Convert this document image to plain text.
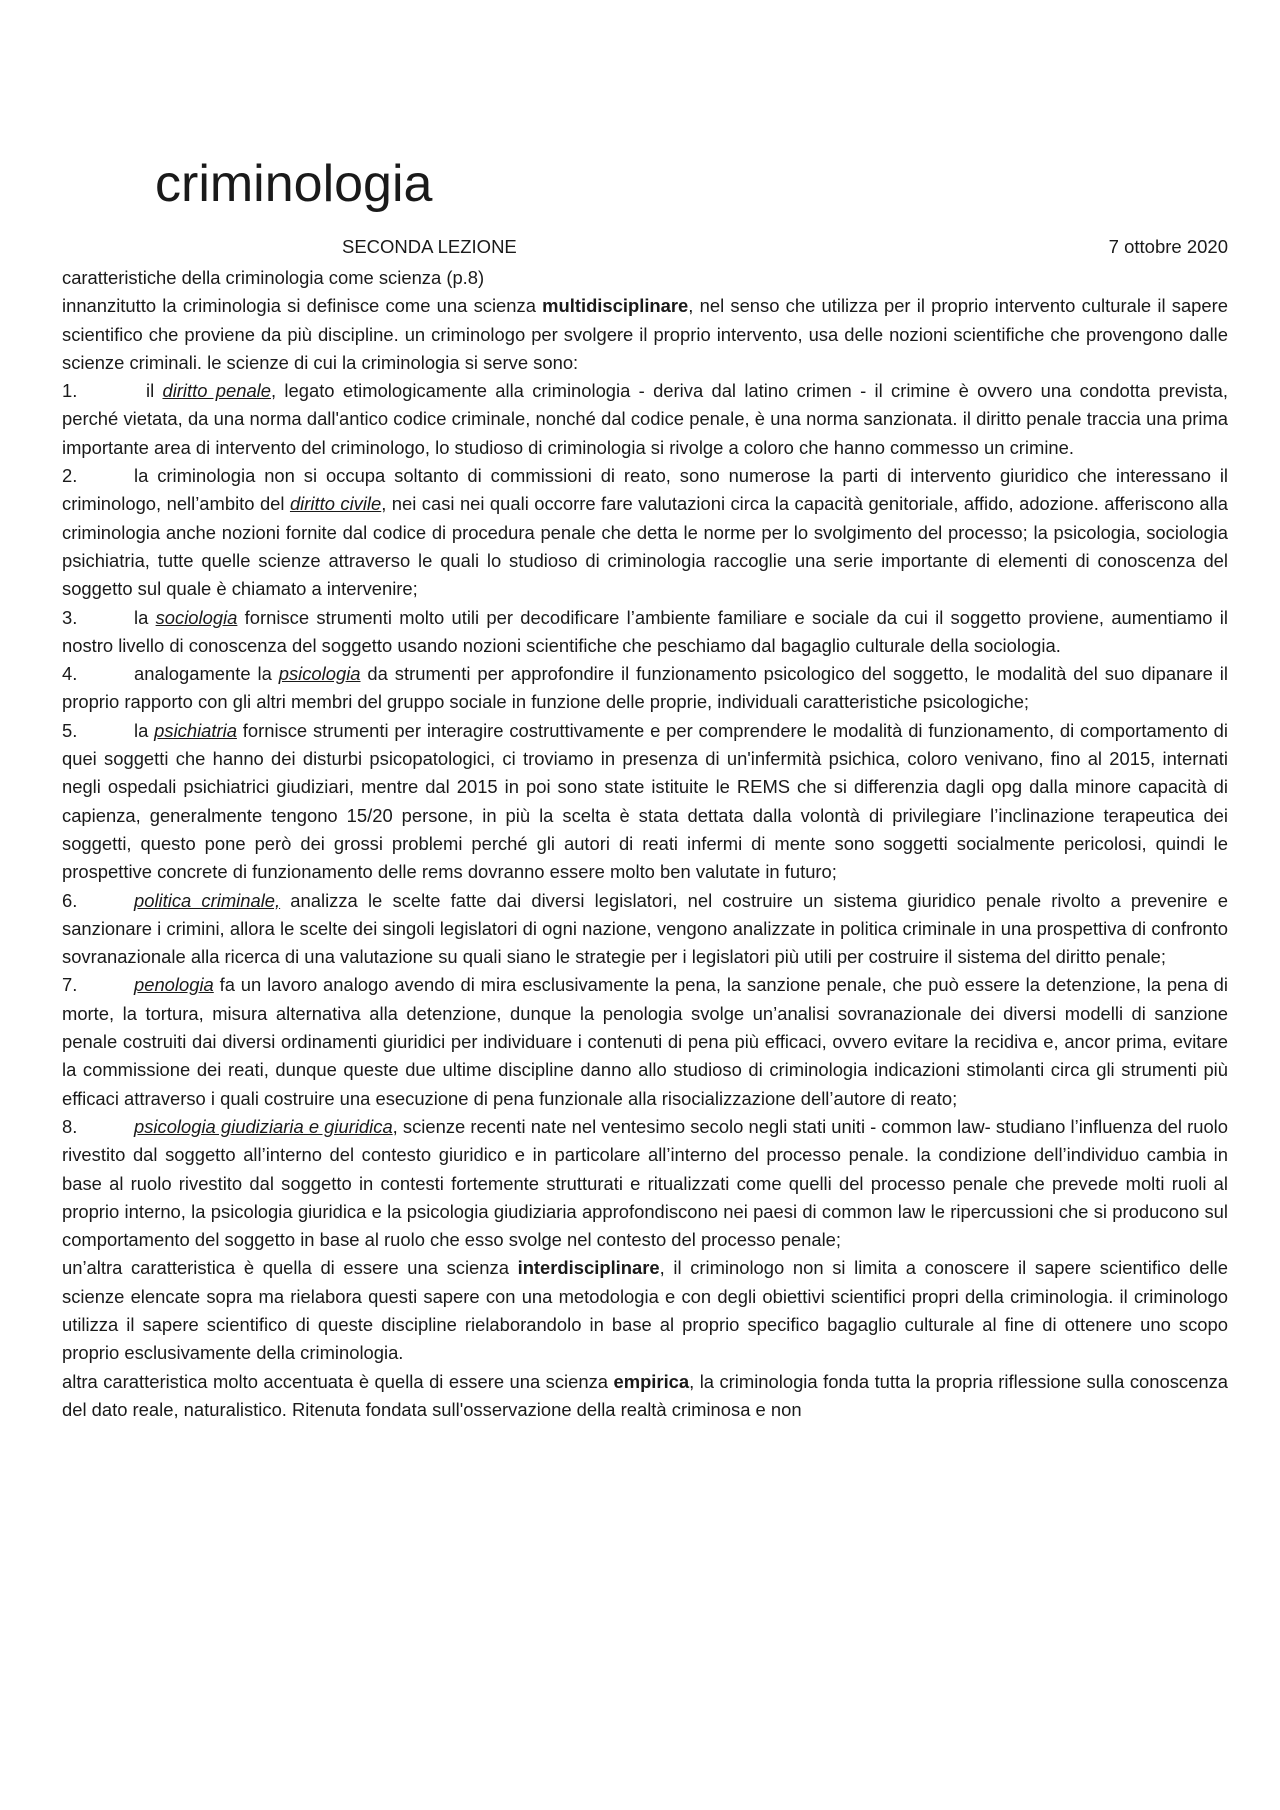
criminologia
SECONDA LEZIONE	7 ottobre 2020

caratteristiche della criminologia come scienza (p.8)

innanzitutto la criminologia si definisce come una scienza multidisciplinare, nel senso che utilizza per il proprio intervento culturale il sapere scientifico che proviene da più discipline. un criminologo per svolgere il proprio intervento, usa delle nozioni scientifiche che provengono dalle scienze criminali. le scienze di cui la criminologia si serve sono:

1.	il diritto penale, legato etimologicamente alla criminologia - deriva dal latino crimen - il crimine è ovvero una condotta prevista, perché vietata, da una norma dall'antico codice criminale, nonché dal codice penale, è una norma sanzionata. il diritto penale traccia una prima importante area di intervento del criminologo, lo studioso di criminologia si rivolge a coloro che hanno commesso un crimine.

2.	la criminologia non si occupa soltanto di commissioni di reato, sono numerose la parti di intervento giuridico che interessano il criminologo, nell’ambito del diritto civile, nei casi nei quali occorre fare valutazioni circa la capacità genitoriale, affido, adozione. afferiscono alla criminologia anche nozioni fornite dal codice di procedura penale che detta le norme per lo svolgimento del processo; la psicologia, sociologia psichiatria, tutte quelle scienze attraverso le quali lo studioso di criminologia raccoglie una serie importante di elementi di conoscenza del soggetto sul quale è chiamato a intervenire;

3.	la sociologia fornisce strumenti molto utili per decodificare l’ambiente familiare e sociale da cui il soggetto proviene, aumentiamo il nostro livello di conoscenza del soggetto usando nozioni scientifiche che peschiamo dal bagaglio culturale della sociologia.

4.	analogamente la psicologia da strumenti per approfondire il funzionamento psicologico del soggetto, le modalità del suo dipanare il proprio rapporto con gli altri membri del gruppo sociale in funzione delle proprie, individuali caratteristiche psicologiche;

5.	la psichiatria fornisce strumenti per interagire costruttivamente e per comprendere le modalità di funzionamento, di comportamento di quei soggetti che hanno dei disturbi psicopatologici, ci troviamo in presenza di un'infermità psichica, coloro venivano, fino al 2015, internati negli ospedali psichiatrici giudiziari, mentre dal 2015 in poi sono state istituite le REMS che si differenzia dagli opg dalla minore capacità di capienza, generalmente tengono 15/20 persone, in più la scelta è stata dettata dalla volontà di privilegiare l’inclinazione terapeutica dei soggetti, questo pone però dei grossi problemi perché gli autori di reati infermi di mente sono soggetti socialmente pericolosi, quindi le prospettive concrete di funzionamento delle rems dovranno essere molto ben valutate in futuro;

6.	politica criminale, analizza le scelte fatte dai diversi legislatori, nel costruire un sistema giuridico penale rivolto a prevenire e sanzionare i crimini, allora le scelte dei singoli legislatori di ogni nazione, vengono analizzate in politica criminale in una prospettiva di confronto sovranazionale alla ricerca di una valutazione su quali siano le strategie per i legislatori più utili per costruire il sistema del diritto penale;

7.	penologia fa un lavoro analogo avendo di mira esclusivamente la pena, la sanzione penale, che può essere la detenzione, la pena di morte, la tortura, misura alternativa alla detenzione, dunque la penologia svolge un’analisi sovranazionale dei diversi modelli di sanzione penale costruiti dai diversi ordinamenti giuridici per individuare i contenuti di pena più efficaci, ovvero evitare la recidiva e, ancor prima, evitare la commissione dei reati, dunque queste due ultime discipline danno allo studioso di criminologia indicazioni stimolanti circa gli strumenti più efficaci attraverso i quali costruire una esecuzione di pena funzionale alla risocializzazione dell’autore di reato;

8.	psicologia giudiziaria e giuridica, scienze recenti nate nel ventesimo secolo negli stati uniti - common law- studiano l’influenza del ruolo rivestito dal soggetto all’interno del contesto giuridico e in particolare all’interno del processo penale. la condizione dell’individuo cambia in base al ruolo rivestito dal soggetto in contesti fortemente strutturati e ritualizzati come quelli del processo penale che prevede molti ruoli al proprio interno, la psicologia giuridica e la psicologia giudiziaria approfondiscono nei paesi di common law le ripercussioni che si producono sul comportamento del soggetto in base al ruolo che esso svolge nel contesto del processo penale;

un’altra caratteristica è quella di essere una scienza interdisciplinare, il criminologo non si limita a conoscere il sapere scientifico delle scienze elencate sopra ma rielabora questi sapere con una metodologia e con degli obiettivi scientifici propri della criminologia. il criminologo utilizza il sapere scientifico di queste discipline rielaborandolo in base al proprio specifico bagaglio culturale al fine di ottenere uno scopo proprio esclusivamente della criminologia.

altra caratteristica molto accentuata è quella di essere una scienza empirica, la criminologia fonda tutta la propria riflessione sulla conoscenza del dato reale, naturalistico. Ritenuta fondata sull'osservazione della realtà criminosa e non
